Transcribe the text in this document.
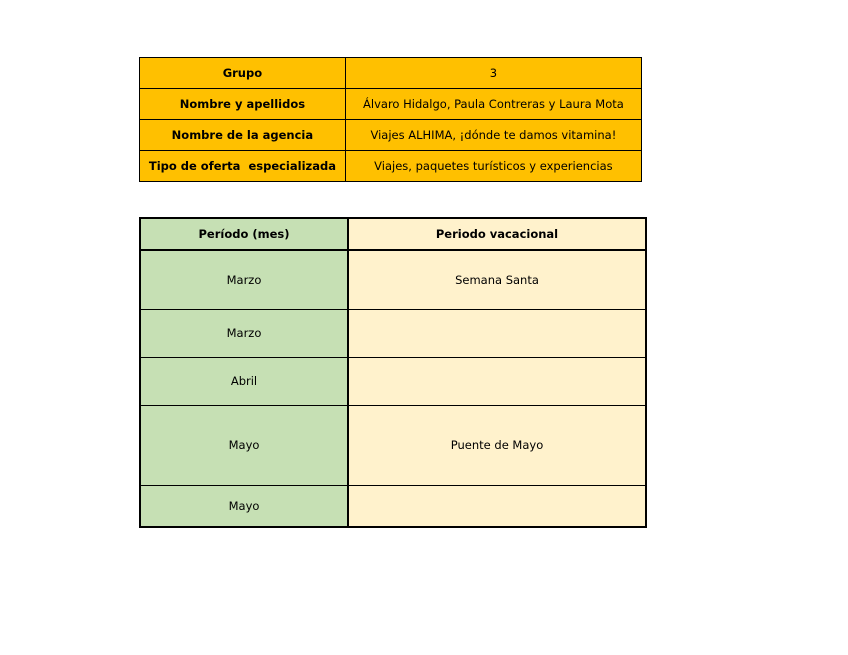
Grupo	3
Nombre y apellidos	Álvaro Hidalgo, Paula Contreras y Laura Mota
Nombre de la agencia	Viajes ALHIMA, ¡dónde te damos vitamina!
Tipo de oferta  especializada	Viajes, paquetes turísticos y experiencias
Período (mes)	Periodo vacacional
Marzo	Semana Santa
Marzo	
Abril	
Mayo	Puente de Mayo
Mayo	
